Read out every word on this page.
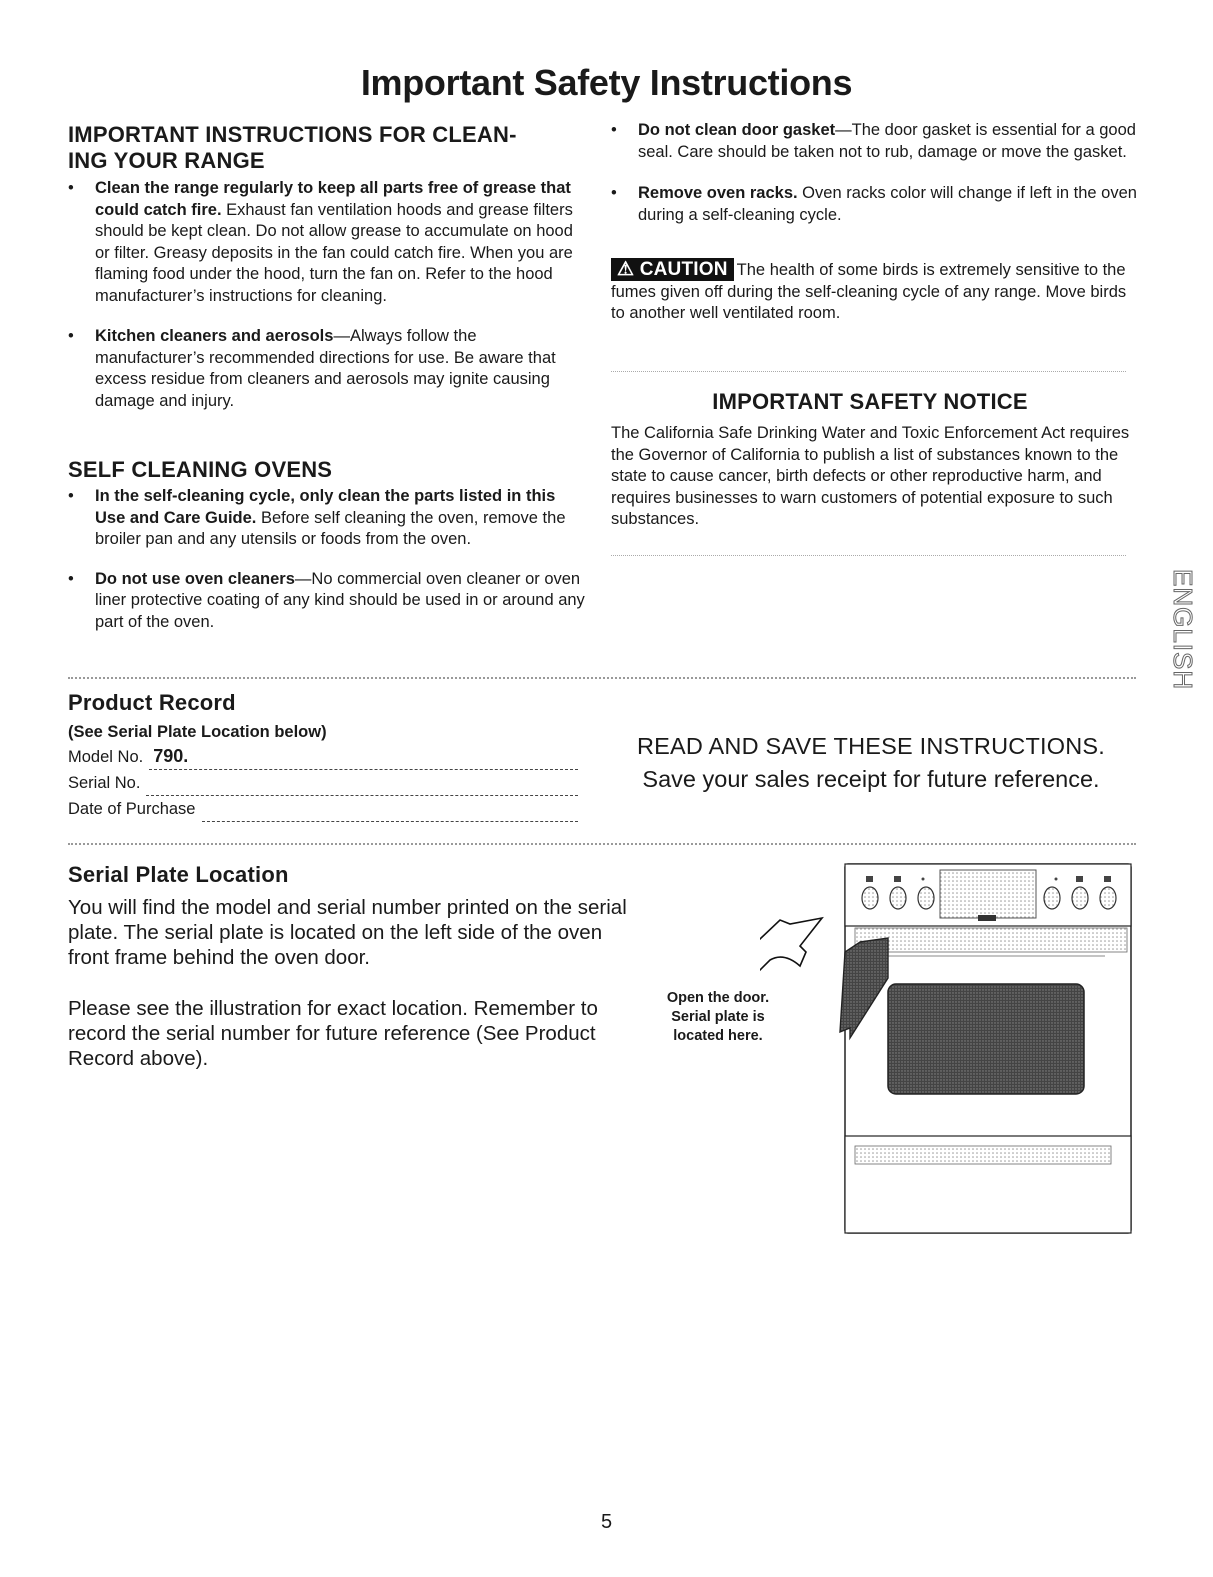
Important Safety Instructions
IMPORTANT INSTRUCTIONS FOR CLEAN-
ING YOUR RANGE
• Clean the range regularly to keep all parts free of grease that could catch fire. Exhaust fan ventilation hoods and grease filters should be kept clean. Do not allow grease to accumulate on hood or filter. Greasy deposits in the fan could catch fire. When you are flaming food under the hood, turn the fan on. Refer to the hood manufacturer’s instructions for cleaning.
• Kitchen cleaners and aerosols—Always follow the manufacturer’s recommended directions for use. Be aware that excess residue from cleaners and aerosols may ignite causing damage and injury.
SELF CLEANING OVENS
• In the self-cleaning cycle, only clean the parts listed in this Use and Care Guide. Before self cleaning the oven, remove the broiler pan and any utensils or foods from the oven.
• Do not use oven cleaners—No commercial oven cleaner or oven liner protective coating of any kind should be used in or around any part of the oven.
• Do not clean door gasket—The door gasket is essential for a good seal. Care should be taken not to rub, damage or move the gasket.
• Remove oven racks. Oven racks color will change if left in the oven during a self-cleaning cycle.
⚠ CAUTION The health of some birds is extremely sensitive to the fumes given off during the self-cleaning cycle of any range. Move birds to another well ventilated room.
IMPORTANT SAFETY NOTICE
The California Safe Drinking Water and Toxic Enforcement Act requires the Governor of California to publish a list of substances known to the state to cause cancer, birth defects or other reproductive harm, and requires businesses to warn customers of potential exposure to such substances.
ENGLISH
Product Record
(See Serial Plate Location below)
Model No. 790.
Serial No.
Date of Purchase
READ AND SAVE THESE INSTRUCTIONS.
Save your sales receipt for future reference.
Serial Plate Location
You will find the model and serial number printed on the serial plate. The serial plate is located on the left side of the oven front frame behind the oven door.
Please see the illustration for exact location. Remember to record the serial number for future reference (See Product Record above).
Open the door.
Serial plate is
located here.
5
